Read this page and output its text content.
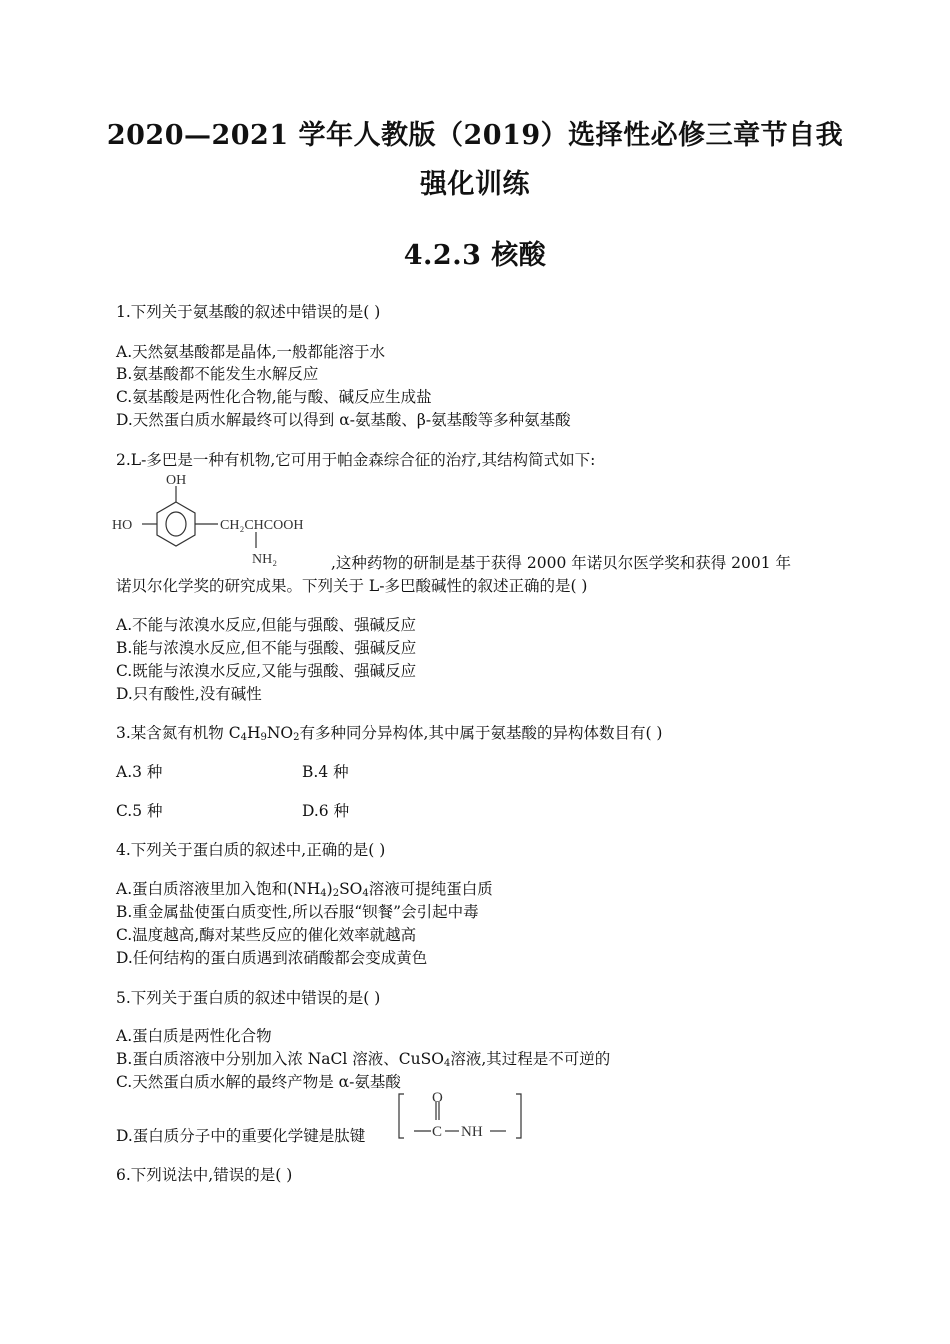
2020—2021 学年人教版（2019）选择性必修三章节自我
强化训练
4.2.3 核酸
1.下列关于氨基酸的叙述中错误的是( )
A.天然氨基酸都是晶体,一般都能溶于水
B.氨基酸都不能发生水解反应
C.氨基酸是两性化合物,能与酸、碱反应生成盐
D.天然蛋白质水解最终可以得到 α-氨基酸、β-氨基酸等多种氨基酸
2.L-多巴是一种有机物,它可用于帕金森综合征的治疗,其结构简式如下:
OH
HO	CH₂CHCOOH
NH₂	,这种药物的研制是基于获得 2000 年诺贝尔医学奖和获得 2001 年
诺贝尔化学奖的研究成果。下列关于 L-多巴酸碱性的叙述正确的是( )
A.不能与浓溴水反应,但能与强酸、强碱反应
B.能与浓溴水反应,但不能与强酸、强碱反应
C.既能与浓溴水反应,又能与强酸、强碱反应
D.只有酸性,没有碱性
3.某含氮有机物 $C_4H_9NO_2$有多种同分异构体,其中属于氨基酸的异构体数目有( )
A.3 种	B.4 种
C.5 种	D.6 种
4.下列关于蛋白质的叙述中,正确的是( )
A.蛋白质溶液里加入饱和$(NH_4)_2SO_4$溶液可提纯蛋白质
B.重金属盐使蛋白质变性,所以吞服“钡餐”会引起中毒
C.温度越高,酶对某些反应的催化效率就越高
D.任何结构的蛋白质遇到浓硝酸都会变成黄色
5.下列关于蛋白质的叙述中错误的是( )
A.蛋白质是两性化合物
B.蛋白质溶液中分别加入浓 NaCl 溶液、CuSO$_4$溶液,其过程是不可逆的
C.天然蛋白质水解的最终产物是 α-氨基酸
D.蛋白质分子中的重要化学键是肽键
O
C NH
6.下列说法中,错误的是( )
